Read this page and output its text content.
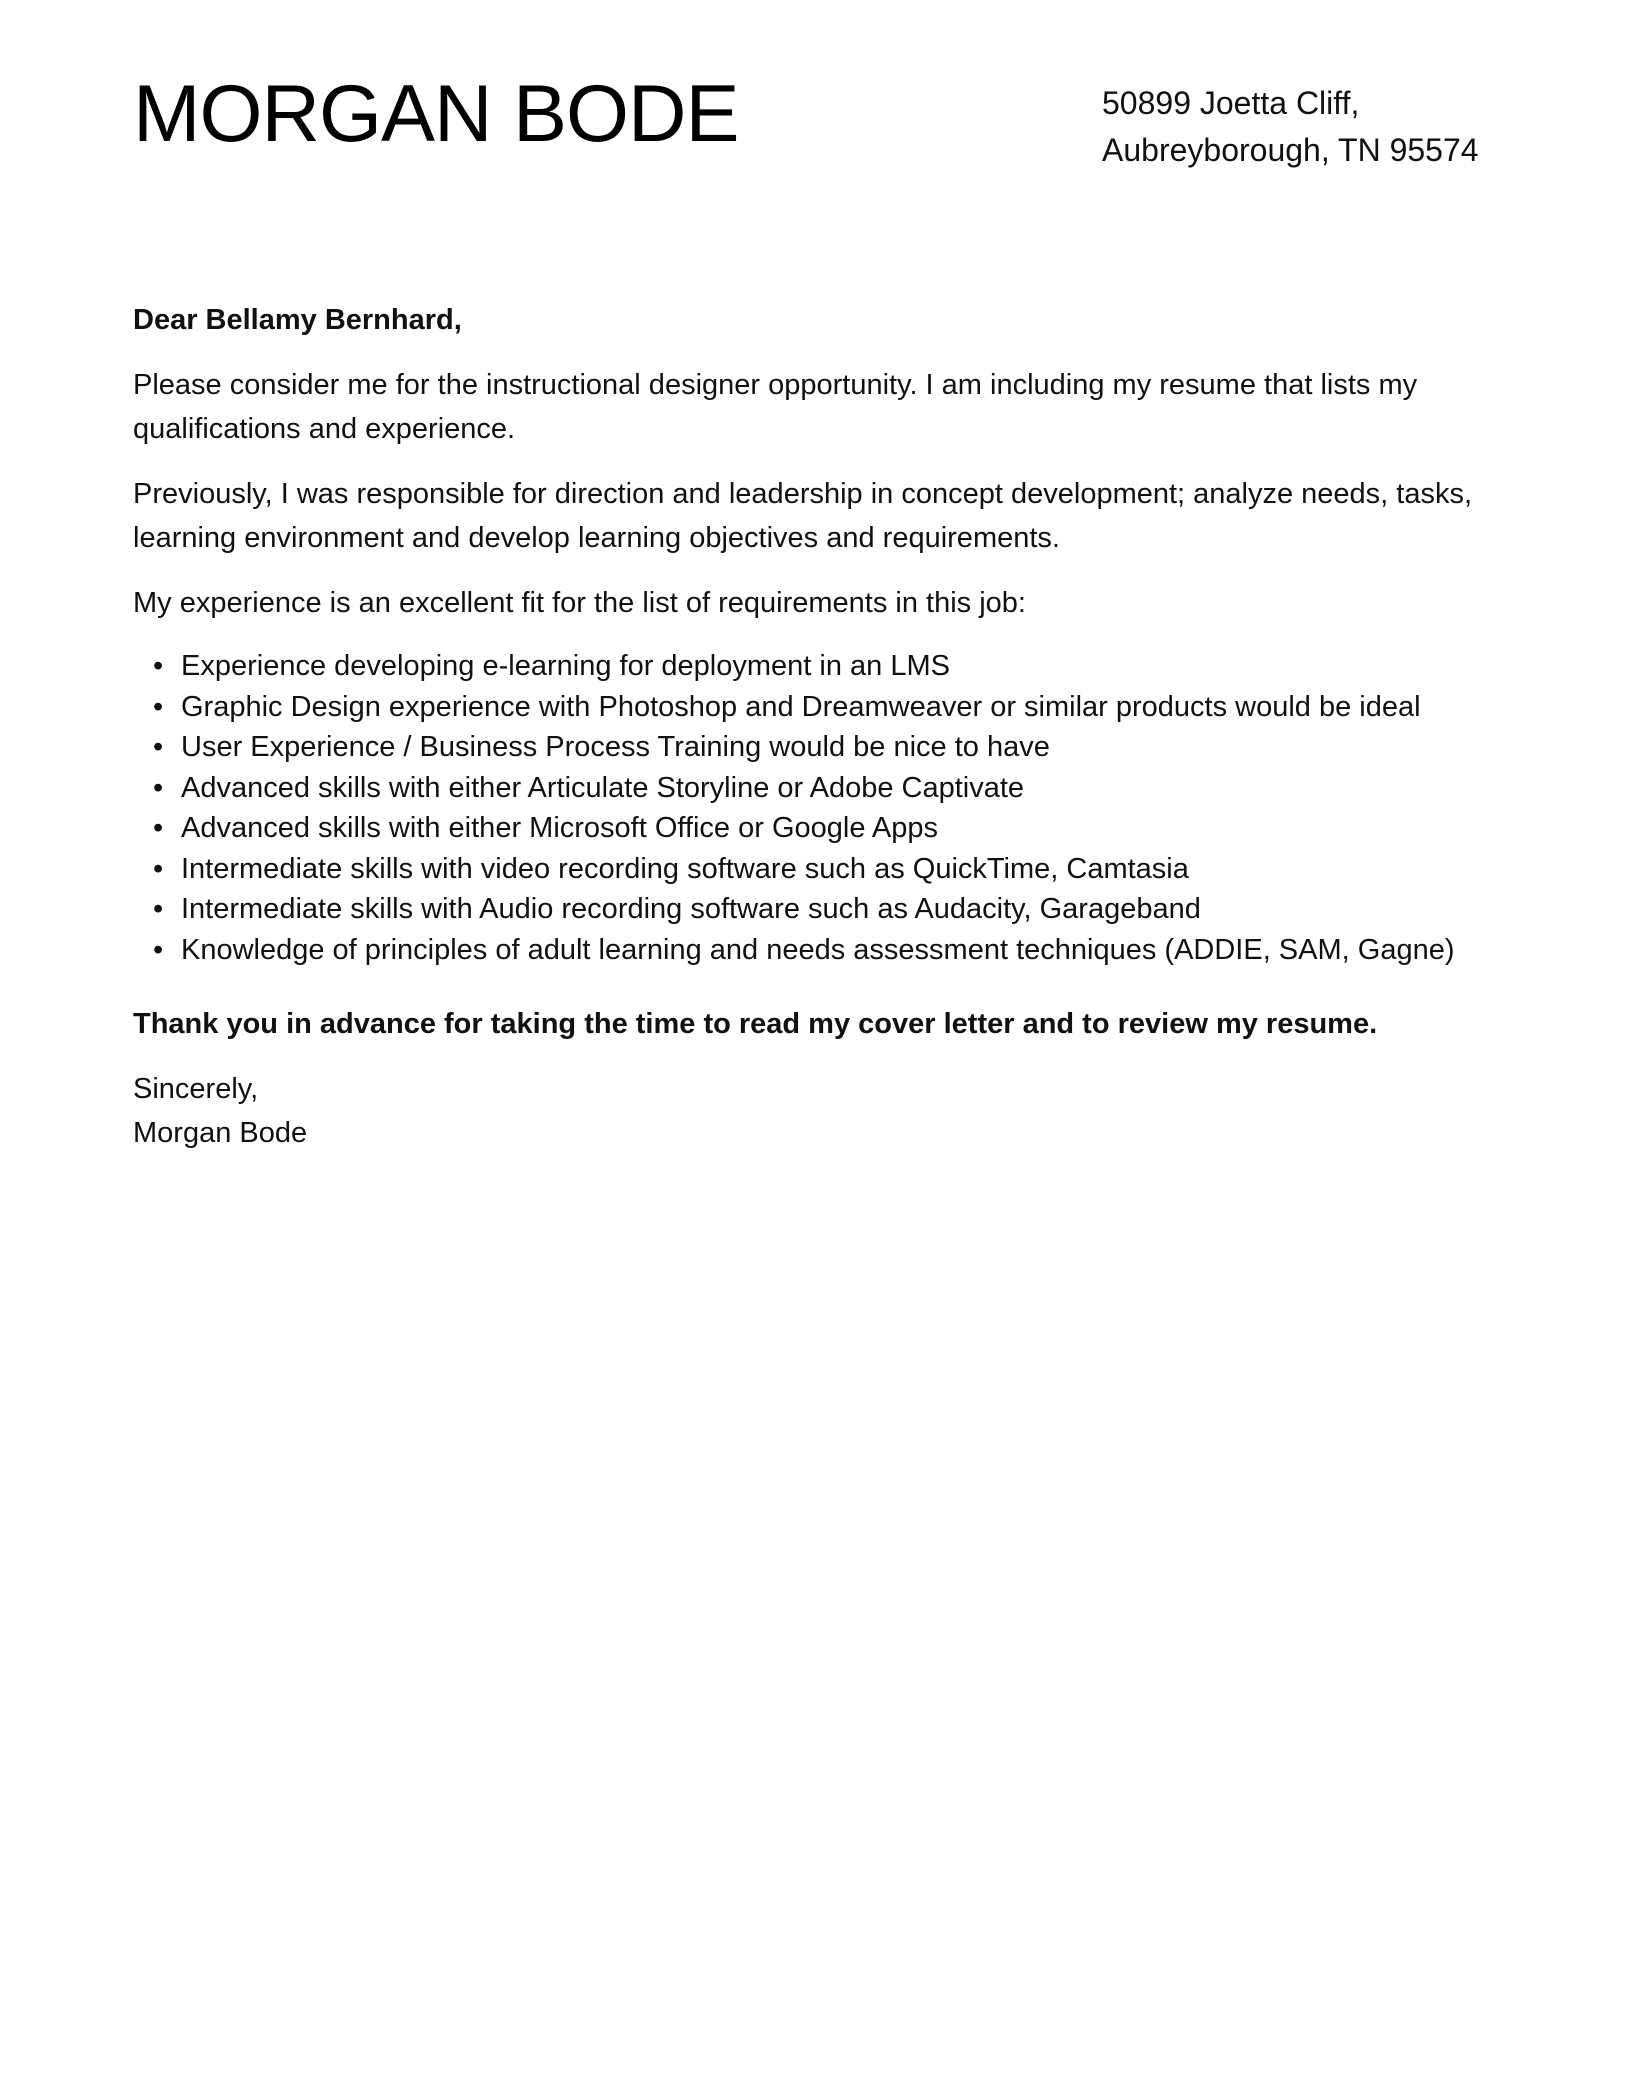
MORGAN BODE	50899 Joetta Cliff,
Aubreyborough, TN 95574

Dear Bellamy Bernhard,

Please consider me for the instructional designer opportunity. I am including my resume that lists my qualifications and experience.

Previously, I was responsible for direction and leadership in concept development; analyze needs, tasks, learning environment and develop learning objectives and requirements.

My experience is an excellent fit for the list of requirements in this job:

• Experience developing e-learning for deployment in an LMS
• Graphic Design experience with Photoshop and Dreamweaver or similar products would be ideal
• User Experience / Business Process Training would be nice to have
• Advanced skills with either Articulate Storyline or Adobe Captivate
• Advanced skills with either Microsoft Office or Google Apps
• Intermediate skills with video recording software such as QuickTime, Camtasia
• Intermediate skills with Audio recording software such as Audacity, Garageband
• Knowledge of principles of adult learning and needs assessment techniques (ADDIE, SAM, Gagne)

Thank you in advance for taking the time to read my cover letter and to review my resume.

Sincerely,
Morgan Bode
